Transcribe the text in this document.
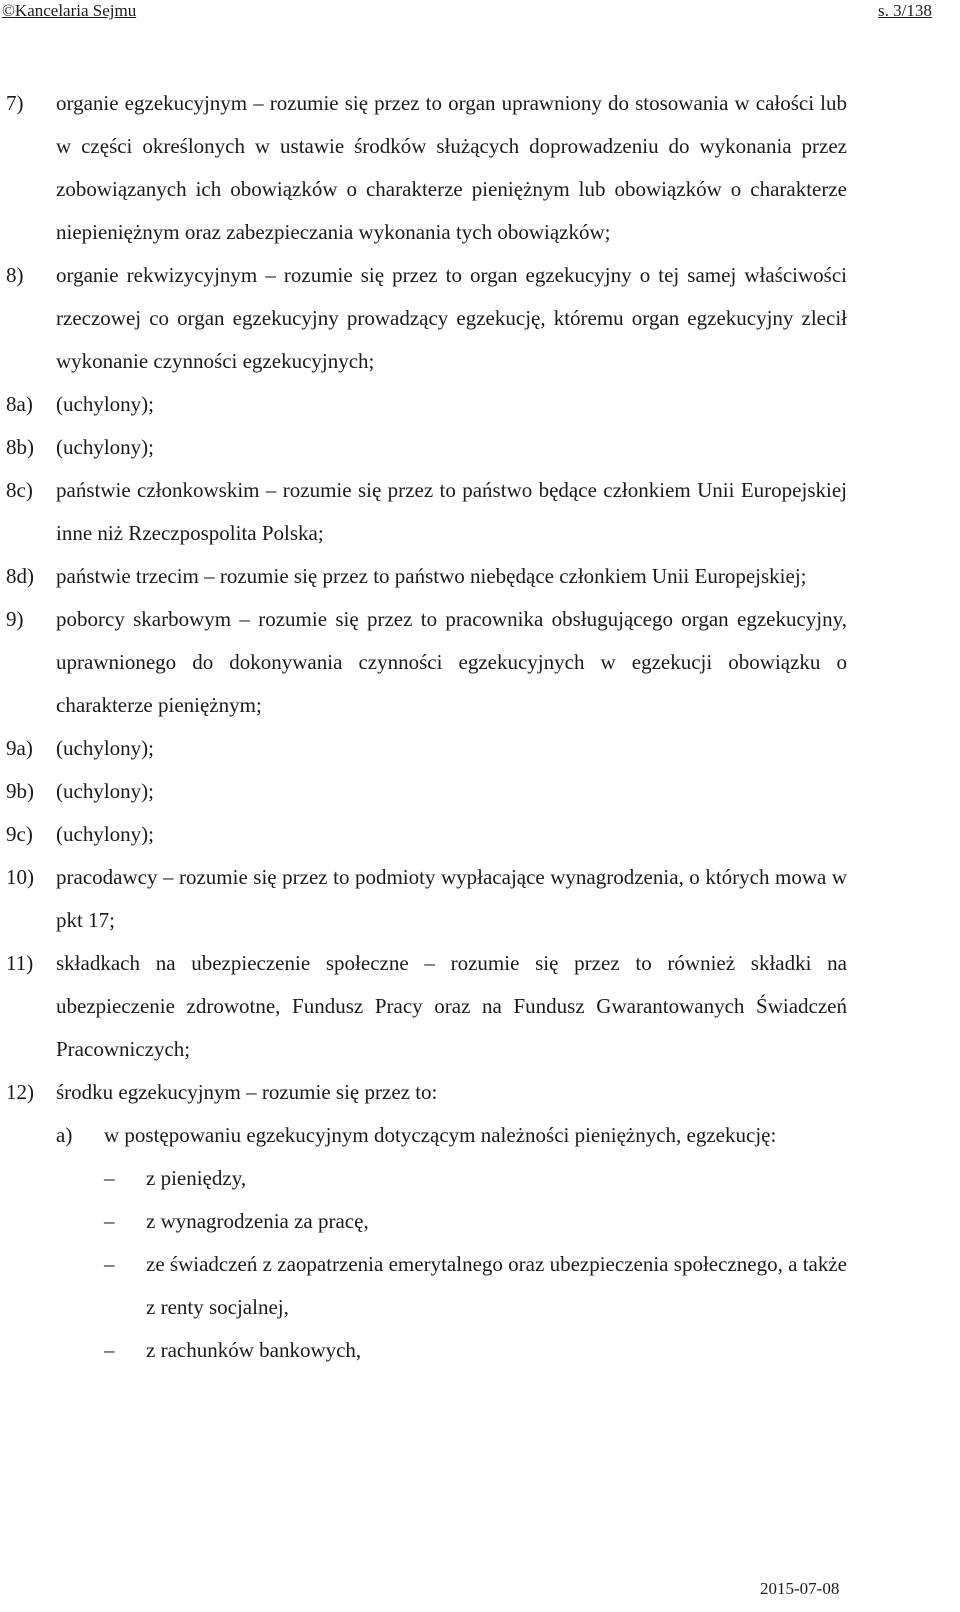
©Kancelaria Sejmu	s. 3/138
7) organie egzekucyjnym – rozumie się przez to organ uprawniony do stosowania w całości lub w części określonych w ustawie środków służących doprowadzeniu do wykonania przez zobowiązanych ich obowiązków o charakterze pieniężnym lub obowiązków o charakterze niepieniężnym oraz zabezpieczania wykonania tych obowiązków;
8) organie rekwizycyjnym – rozumie się przez to organ egzekucyjny o tej samej właściwości rzeczowej co organ egzekucyjny prowadzący egzekucję, któremu organ egzekucyjny zlecił wykonanie czynności egzekucyjnych;
8a) (uchylony);
8b) (uchylony);
8c) państwie członkowskim – rozumie się przez to państwo będące członkiem Unii Europejskiej inne niż Rzeczpospolita Polska;
8d) państwie trzecim – rozumie się przez to państwo niebędące członkiem Unii Europejskiej;
9) poborcy skarbowym – rozumie się przez to pracownika obsługującego organ egzekucyjny, uprawnionego do dokonywania czynności egzekucyjnych w egzekucji obowiązku o charakterze pieniężnym;
9a) (uchylony);
9b) (uchylony);
9c) (uchylony);
10) pracodawcy – rozumie się przez to podmioty wypłacające wynagrodzenia, o których mowa w pkt 17;
11) składkach na ubezpieczenie społeczne – rozumie się przez to również składki na ubezpieczenie zdrowotne, Fundusz Pracy oraz na Fundusz Gwarantowanych Świadczeń Pracowniczych;
12) środku egzekucyjnym – rozumie się przez to:
a) w postępowaniu egzekucyjnym dotyczącym należności pieniężnych, egzekucję:
– z pieniędzy,
– z wynagrodzenia za pracę,
– ze świadczeń z zaopatrzenia emerytalnego oraz ubezpieczenia społecznego, a także z renty socjalnej,
– z rachunków bankowych,
2015-07-08
